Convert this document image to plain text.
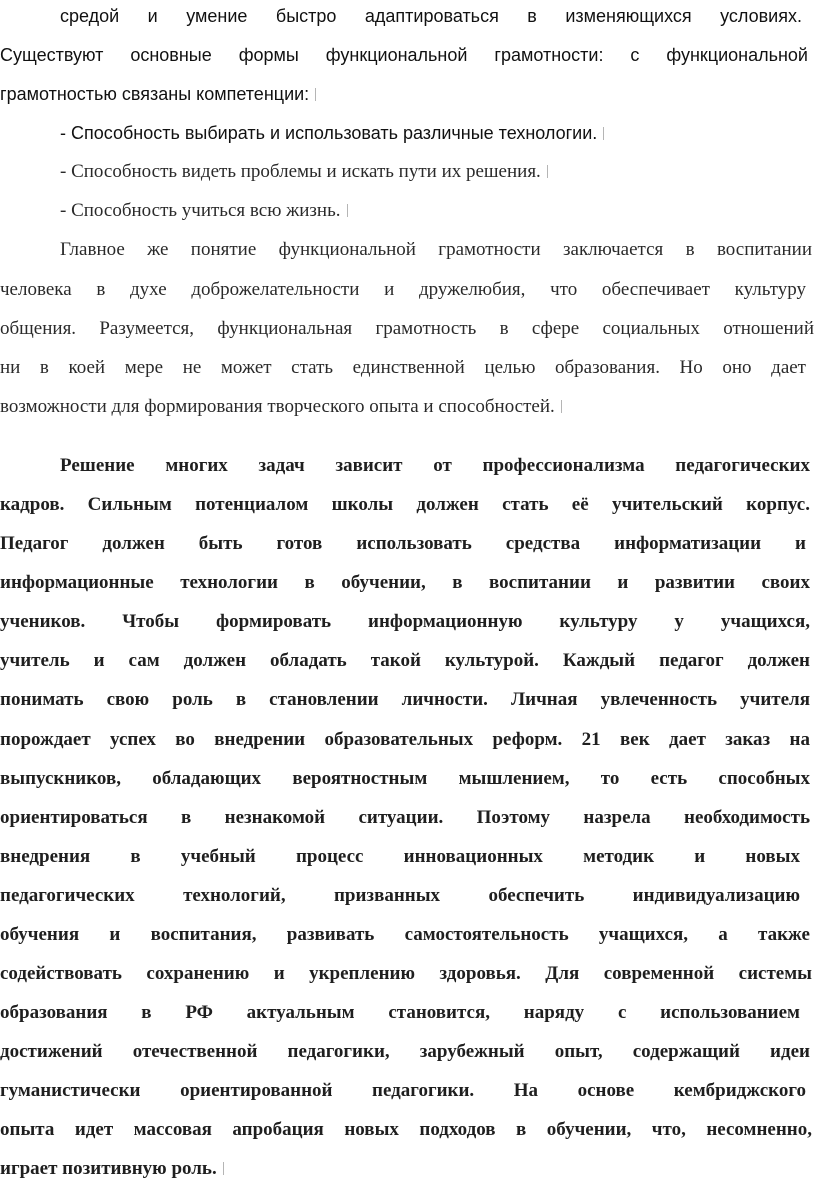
средой и умение быстро адаптироваться в изменяющихся условиях.
Существуют основные формы функциональной грамотности: с функциональной
грамотностью связаны компетенции:
- Способность выбирать и использовать различные технологии.
- Способность видеть проблемы и искать пути их решения.
- Способность учиться всю жизнь.
Главное же понятие функциональной грамотности заключается в воспитании
человека в духе доброжелательности и дружелюбия, что обеспечивает культуру
общения. Разумеется, функциональная грамотность в сфере социальных отношений
ни в коей мере не может стать единственной целью образования. Но оно дает
возможности для формирования творческого опыта и способностей.
Решение многих задач зависит от профессионализма педагогических
кадров. Сильным потенциалом школы должен стать её учительский корпус.
Педагог должен быть готов использовать средства информатизации и
информационные технологии в обучении, в воспитании и развитии своих
учеников. Чтобы формировать информационную культуру у учащихся,
учитель и сам должен обладать такой культурой. Каждый педагог должен
понимать свою роль в становлении личности. Личная увлеченность учителя
порождает успех во внедрении образовательных реформ. 21 век дает заказ на
выпускников, обладающих вероятностным мышлением, то есть способных
ориентироваться в незнакомой ситуации. Поэтому назрела необходимость
внедрения в учебный процесс инновационных методик и новых
педагогических технологий, призванных обеспечить индивидуализацию
обучения и воспитания, развивать самостоятельность учащихся, а также
содействовать сохранению и укреплению здоровья. Для современной системы
образования в РФ актуальным становится, наряду с использованием
достижений отечественной педагогики, зарубежный опыт, содержащий идеи
гуманистически ориентированной педагогики. На основе кембриджского
опыта идет массовая апробация новых подходов в обучении, что, несомненно,
играет позитивную роль.
